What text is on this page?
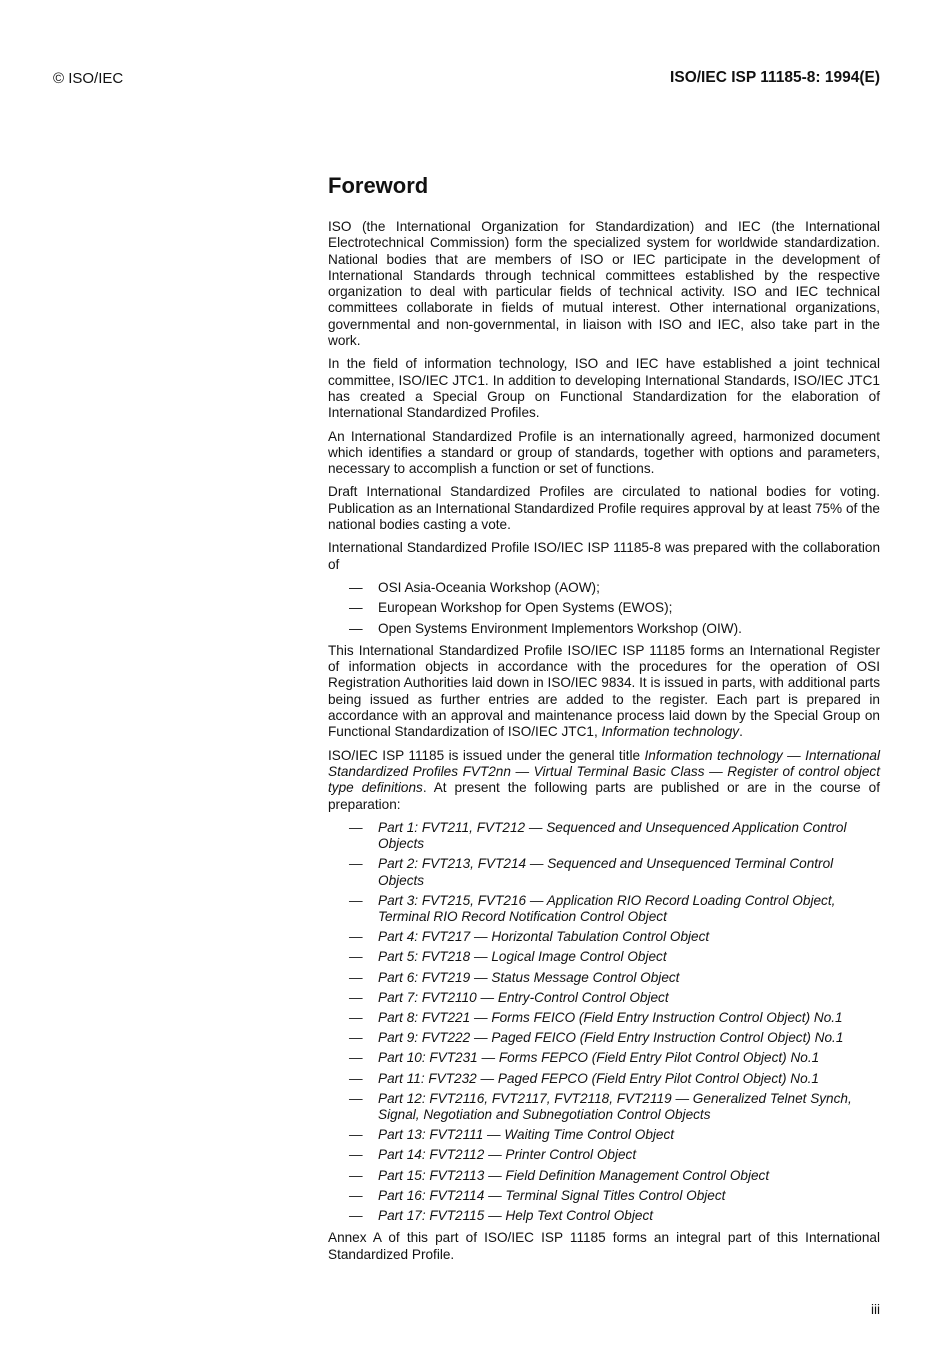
© ISO/IEC	ISO/IEC ISP 11185-8: 1994(E)
Foreword

ISO (the International Organization for Standardization) and IEC (the International Electrotechnical Commission) form the specialized system for worldwide standardization. National bodies that are members of ISO or IEC participate in the development of International Standards through technical committees established by the respective organization to deal with particular fields of technical activity. ISO and IEC technical committees collaborate in fields of mutual interest. Other international organizations, governmental and non-governmental, in liaison with ISO and IEC, also take part in the work.

In the field of information technology, ISO and IEC have established a joint technical committee, ISO/IEC JTC1. In addition to developing International Standards, ISO/IEC JTC1 has created a Special Group on Functional Standardization for the elaboration of International Standardized Profiles.

An International Standardized Profile is an internationally agreed, harmonized document which identifies a standard or group of standards, together with options and parameters, necessary to accomplish a function or set of functions.

Draft International Standardized Profiles are circulated to national bodies for voting. Publication as an International Standardized Profile requires approval by at least 75% of the national bodies casting a vote.

International Standardized Profile ISO/IEC ISP 11185-8 was prepared with the collaboration of

— OSI Asia-Oceania Workshop (AOW);
— European Workshop for Open Systems (EWOS);
— Open Systems Environment Implementors Workshop (OIW).

This International Standardized Profile ISO/IEC ISP 11185 forms an International Register of information objects in accordance with the procedures for the operation of OSI Registration Authorities laid down in ISO/IEC 9834. It is issued in parts, with additional parts being issued as further entries are added to the register. Each part is prepared in accordance with an approval and maintenance process laid down by the Special Group on Functional Standardization of ISO/IEC JTC1, Information technology.

ISO/IEC ISP 11185 is issued under the general title Information technology — International Standardized Profiles FVT2nn — Virtual Terminal Basic Class — Register of control object type definitions. At present the following parts are published or are in the course of preparation:

— Part 1: FVT211, FVT212 — Sequenced and Unsequenced Application Control Objects
— Part 2: FVT213, FVT214 — Sequenced and Unsequenced Terminal Control Objects
— Part 3: FVT215, FVT216 — Application RIO Record Loading Control Object, Terminal RIO Record Notification Control Object
— Part 4: FVT217 — Horizontal Tabulation Control Object
— Part 5: FVT218 — Logical Image Control Object
— Part 6: FVT219 — Status Message Control Object
— Part 7: FVT2110 — Entry-Control Control Object
— Part 8: FVT221 — Forms FEICO (Field Entry Instruction Control Object) No.1
— Part 9: FVT222 — Paged FEICO (Field Entry Instruction Control Object) No.1
— Part 10: FVT231 — Forms FEPCO (Field Entry Pilot Control Object) No.1
— Part 11: FVT232 — Paged FEPCO (Field Entry Pilot Control Object) No.1
— Part 12: FVT2116, FVT2117, FVT2118, FVT2119 — Generalized Telnet Synch, Signal, Negotiation and Subnegotiation Control Objects
— Part 13: FVT2111 — Waiting Time Control Object
— Part 14: FVT2112 — Printer Control Object
— Part 15: FVT2113 — Field Definition Management Control Object
— Part 16: FVT2114 — Terminal Signal Titles Control Object
— Part 17: FVT2115 — Help Text Control Object

Annex A of this part of ISO/IEC ISP 11185 forms an integral part of this International Standardized Profile.

iii
